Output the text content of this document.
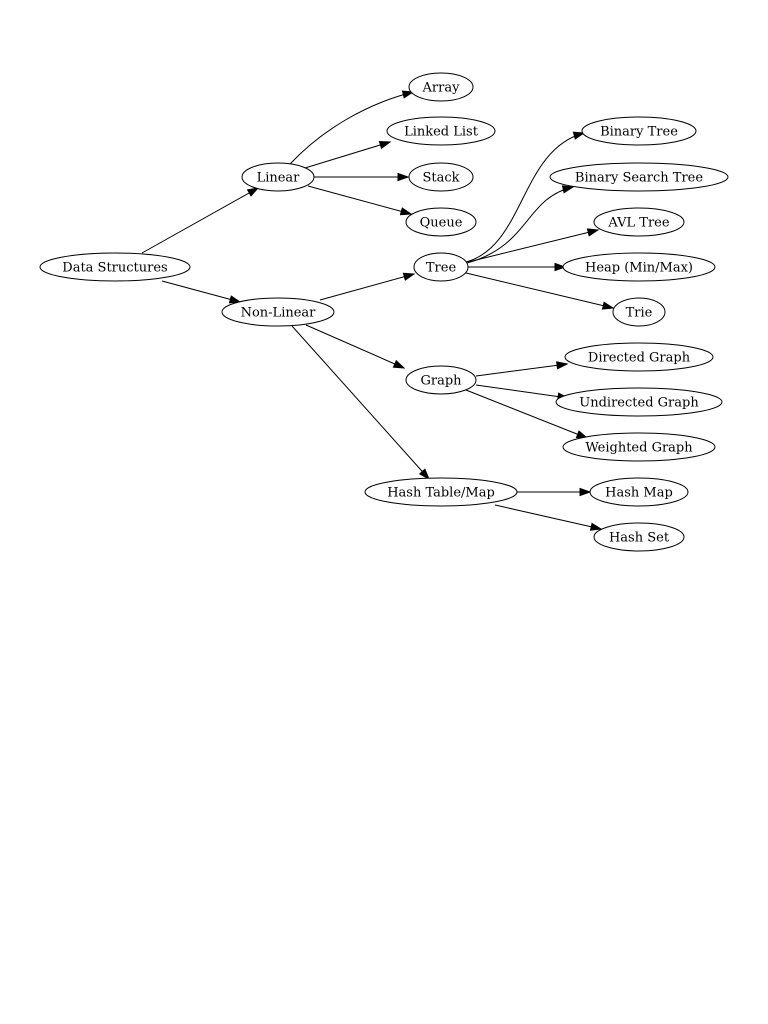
Data Structures
Linear
Non-Linear
Array
Linked List
Stack
Queue
Tree
Graph
Hash Table/Map
Binary Tree
Binary Search Tree
AVL Tree
Heap (Min/Max)
Trie
Directed Graph
Undirected Graph
Weighted Graph
Hash Map
Hash Set
